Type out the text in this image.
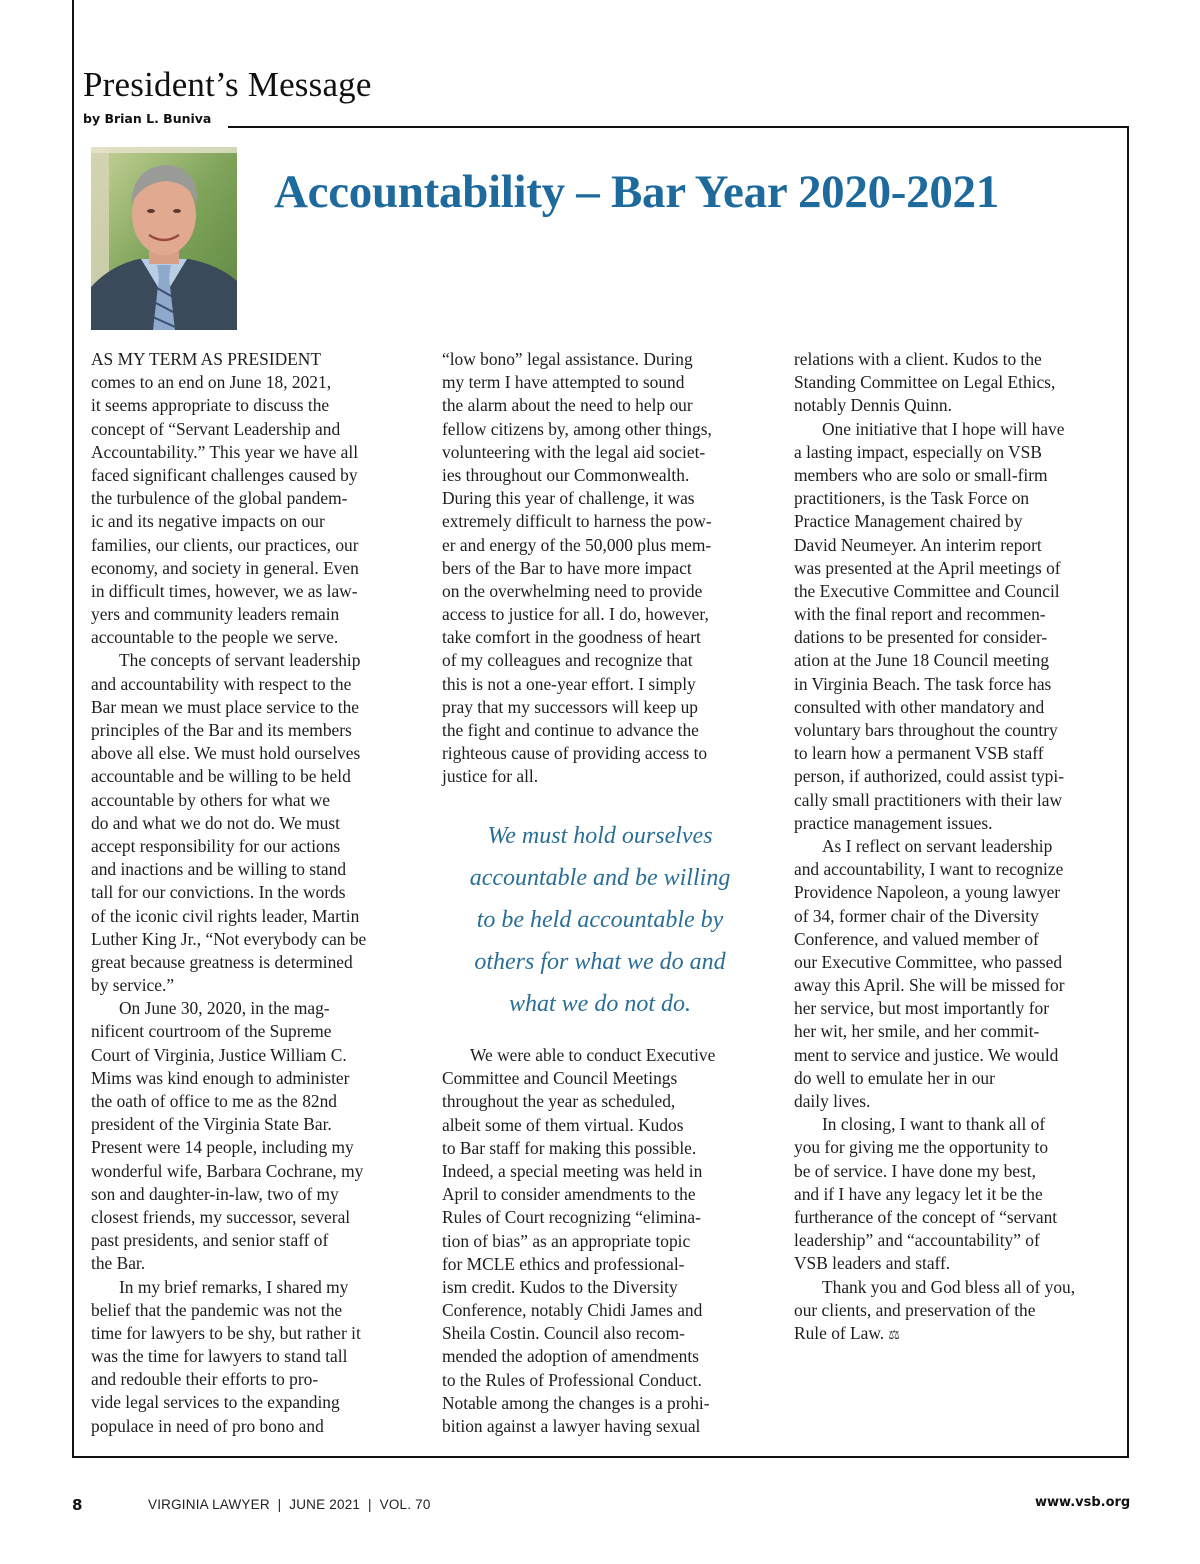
President’s Message
by Brian L. Buniva
Accountability – Bar Year 2020-2021
AS MY TERM AS PRESIDENT
comes to an end on June 18, 2021,
it seems appropriate to discuss the
concept of “Servant Leadership and
Accountability.” This year we have all
faced significant challenges caused by
the turbulence of the global pandem-
ic and its negative impacts on our
families, our clients, our practices, our
economy, and society in general. Even
in difficult times, however, we as law-
yers and community leaders remain
accountable to the people we serve.
The concepts of servant leadership
and accountability with respect to the
Bar mean we must place service to the
principles of the Bar and its members
above all else. We must hold ourselves
accountable and be willing to be held
accountable by others for what we
do and what we do not do. We must
accept responsibility for our actions
and inactions and be willing to stand
tall for our convictions. In the words
of the iconic civil rights leader, Martin
Luther King Jr., “Not everybody can be
great because greatness is determined
by service.”
On June 30, 2020, in the mag-
nificent courtroom of the Supreme
Court of Virginia, Justice William C.
Mims was kind enough to administer
the oath of office to me as the 82nd
president of the Virginia State Bar.
Present were 14 people, including my
wonderful wife, Barbara Cochrane, my
son and daughter-in-law, two of my
closest friends, my successor, several
past presidents, and senior staff of
the Bar.
In my brief remarks, I shared my
belief that the pandemic was not the
time for lawyers to be shy, but rather it
was the time for lawyers to stand tall
and redouble their efforts to pro-
vide legal services to the expanding
populace in need of pro bono and
“low bono” legal assistance. During
my term I have attempted to sound
the alarm about the need to help our
fellow citizens by, among other things,
volunteering with the legal aid societ-
ies throughout our Commonwealth.
During this year of challenge, it was
extremely difficult to harness the pow-
er and energy of the 50,000 plus mem-
bers of the Bar to have more impact
on the overwhelming need to provide
access to justice for all. I do, however,
take comfort in the goodness of heart
of my colleagues and recognize that
this is not a one-year effort. I simply
pray that my successors will keep up
the fight and continue to advance the
righteous cause of providing access to
justice for all.
We must hold ourselves
accountable and be willing
to be held accountable by
others for what we do and
what we do not do.
We were able to conduct Executive
Committee and Council Meetings
throughout the year as scheduled,
albeit some of them virtual. Kudos
to Bar staff for making this possible.
Indeed, a special meeting was held in
April to consider amendments to the
Rules of Court recognizing “elimina-
tion of bias” as an appropriate topic
for MCLE ethics and professional-
ism credit. Kudos to the Diversity
Conference, notably Chidi James and
Sheila Costin. Council also recom-
mended the adoption of amendments
to the Rules of Professional Conduct.
Notable among the changes is a prohi-
bition against a lawyer having sexual
relations with a client. Kudos to the
Standing Committee on Legal Ethics,
notably Dennis Quinn.
One initiative that I hope will have
a lasting impact, especially on VSB
members who are solo or small-firm
practitioners, is the Task Force on
Practice Management chaired by
David Neumeyer. An interim report
was presented at the April meetings of
the Executive Committee and Council
with the final report and recommen-
dations to be presented for consider-
ation at the June 18 Council meeting
in Virginia Beach. The task force has
consulted with other mandatory and
voluntary bars throughout the country
to learn how a permanent VSB staff
person, if authorized, could assist typi-
cally small practitioners with their law
practice management issues.
As I reflect on servant leadership
and accountability, I want to recognize
Providence Napoleon, a young lawyer
of 34, former chair of the Diversity
Conference, and valued member of
our Executive Committee, who passed
away this April. She will be missed for
her service, but most importantly for
her wit, her smile, and her commit-
ment to service and justice. We would
do well to emulate her in our
daily lives.
In closing, I want to thank all of
you for giving me the opportunity to
be of service. I have done my best,
and if I have any legacy let it be the
furtherance of the concept of “servant
leadership” and “accountability” of
VSB leaders and staff.
Thank you and God bless all of you,
our clients, and preservation of the
Rule of Law. ⚖
8	VIRGINIA LAWYER  |  JUNE 2021  |  VOL. 70	www.vsb.org
